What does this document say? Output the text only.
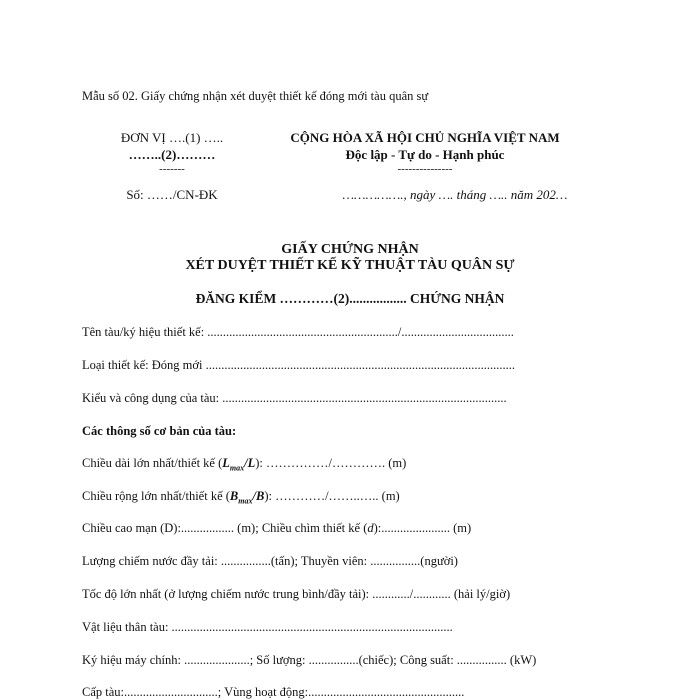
Mẫu số 02. Giấy chứng nhận xét duyệt thiết kế đóng mới tàu quân sự
ĐƠN VỊ ….(1) …..
……..(2)………
-------
Số: ……/CN-ĐK
CỘNG HÒA XÃ HỘI CHỦ NGHĨA VIỆT NAM
Độc lập - Tự do - Hạnh phúc
---------------
……………., ngày …. tháng ….. năm 202…
GIẤY CHỨNG NHẬN
XÉT DUYỆT THIẾT KẾ KỸ THUẬT TÀU QUÂN SỰ
ĐĂNG KIỂM …………(2)................. CHỨNG NHẬN
Tên tàu/ký hiệu thiết kế: ............................................................./....................................
Loại thiết kế: Đóng mới ...................................................................................................
Kiểu và công dụng của tàu: ...........................................................................................
Các thông số cơ bản của tàu:
Chiều dài lớn nhất/thiết kế $(L_{max}/L)$: ……………/…………. (m)
Chiều rộng lớn nhất/thiết kế $(B_{max}/B)$: …………/……..….. (m)
Chiều cao mạn (D):................. (m); Chiều chìm thiết kế (d):...................... (m)
Lượng chiếm nước đầy tải: ................(tấn); Thuyền viên: ................(người)
Tốc độ lớn nhất (ở lượng chiếm nước trung bình/đầy tải): ............/............ (hải lý/giờ)
Vật liệu thân tàu: ..........................................................................................
Ký hiệu máy chính: .....................; Số lượng: ................(chiếc); Công suất: ................ (kW)
Cấp tàu:..............................; Vùng hoạt động:..................................................
